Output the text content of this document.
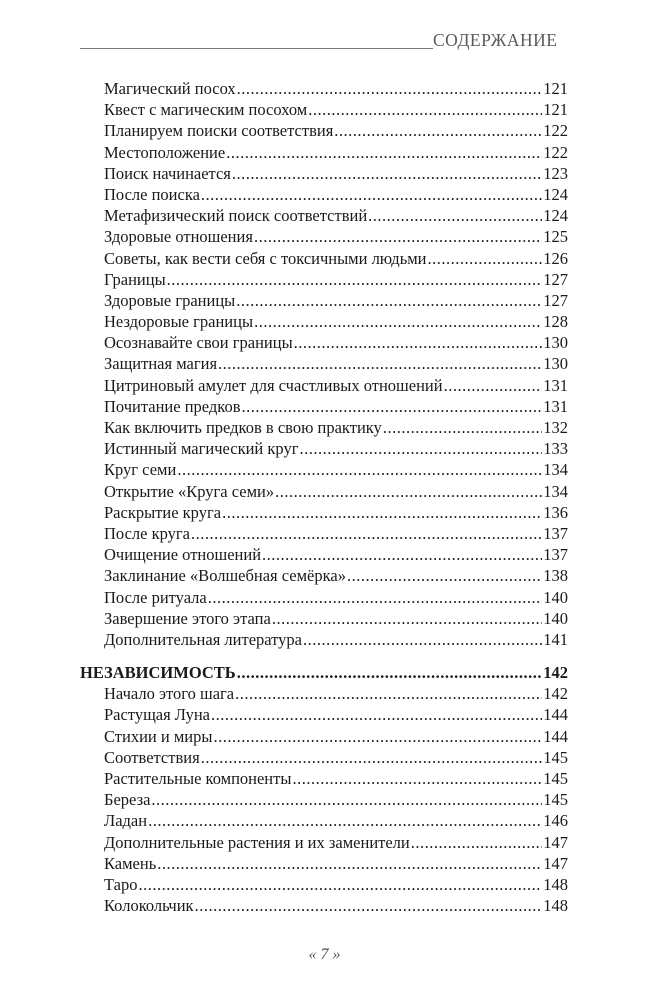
СОДЕРЖАНИЕ
Магический посох .....	121
Квест с магическим посохом .....	121
Планируем поиски соответствия .....	122
Местоположение .....	122
Поиск начинается .....	123
После поиска .....	124
Метафизический поиск соответствий .....	124
Здоровые отношения .....	125
Советы, как вести себя с токсичными людьми .....	126
Границы .....	127
Здоровые границы .....	127
Нездоровые границы .....	128
Осознавайте свои границы .....	130
Защитная магия .....	130
Цитриновый амулет для счастливых отношений .....	131
Почитание предков .....	131
Как включить предков в свою практику .....	132
Истинный магический круг .....	133
Круг семи .....	134
Открытие «Круга семи» .....	134
Раскрытие круга .....	136
После круга .....	137
Очищение отношений .....	137
Заклинание «Волшебная семёрка» .....	138
После ритуала .....	140
Завершение этого этапа .....	140
Дополнительная литература .....	141
НЕЗАВИСИМОСТЬ .....	142
Начало этого шага .....	142
Растущая Луна .....	144
Стихии и миры .....	144
Соответствия .....	145
Растительные компоненты .....	145
Береза .....	145
Ладан .....	146
Дополнительные растения и их заменители .....	147
Камень .....	147
Таро .....	148
Колокольчик .....	148
« 7 »
